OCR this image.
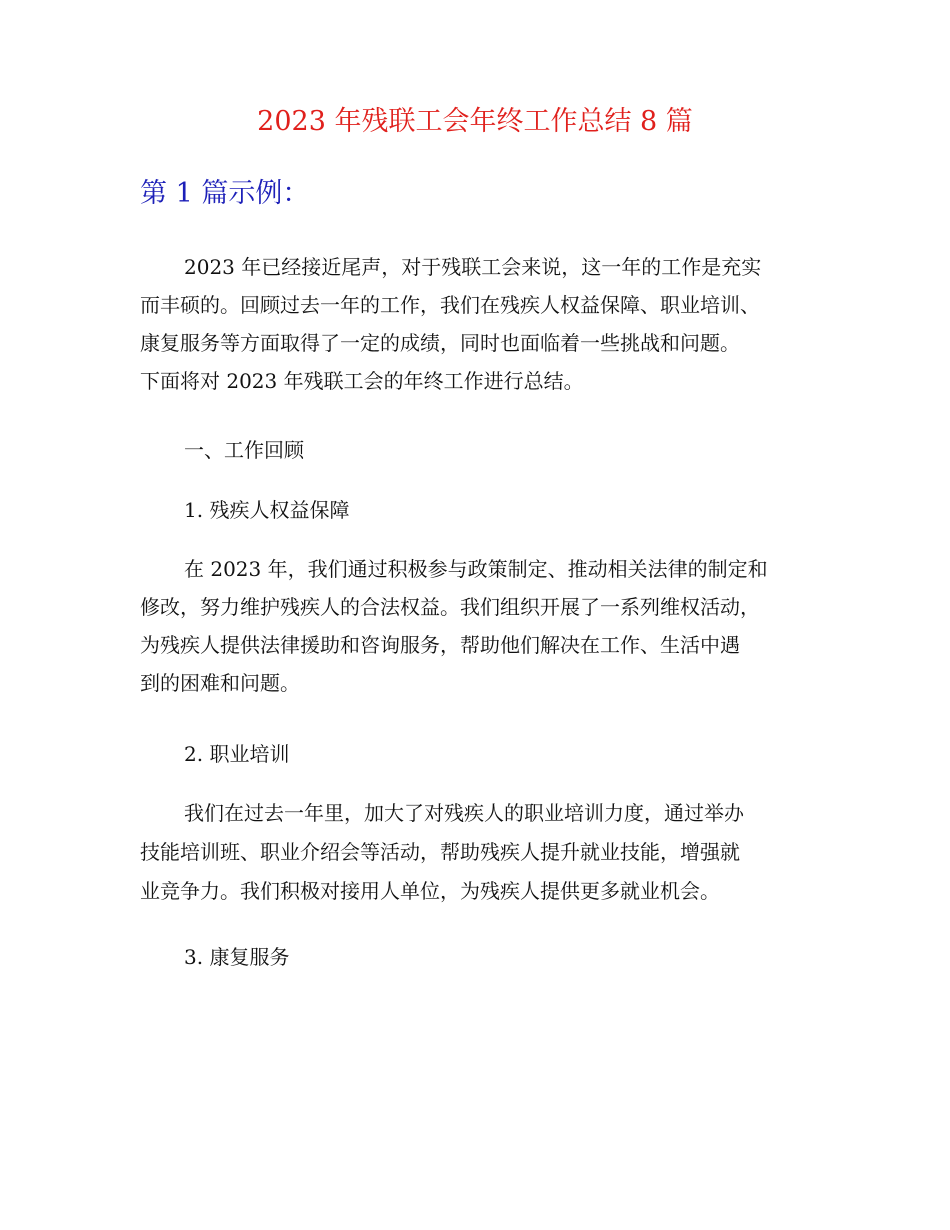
2023 年残联工会年终工作总结 8 篇
第 1 篇示例：
2023 年已经接近尾声，对于残联工会来说，这一年的工作是充实
而丰硕的。回顾过去一年的工作，我们在残疾人权益保障、职业培训、
康复服务等方面取得了一定的成绩，同时也面临着一些挑战和问题。
下面将对 2023 年残联工会的年终工作进行总结。
一、工作回顾
1. 残疾人权益保障
在 2023 年，我们通过积极参与政策制定、推动相关法律的制定和
修改，努力维护残疾人的合法权益。我们组织开展了一系列维权活动，
为残疾人提供法律援助和咨询服务，帮助他们解决在工作、生活中遇
到的困难和问题。
2. 职业培训
我们在过去一年里，加大了对残疾人的职业培训力度，通过举办
技能培训班、职业介绍会等活动，帮助残疾人提升就业技能，增强就
业竞争力。我们积极对接用人单位，为残疾人提供更多就业机会。
3. 康复服务
